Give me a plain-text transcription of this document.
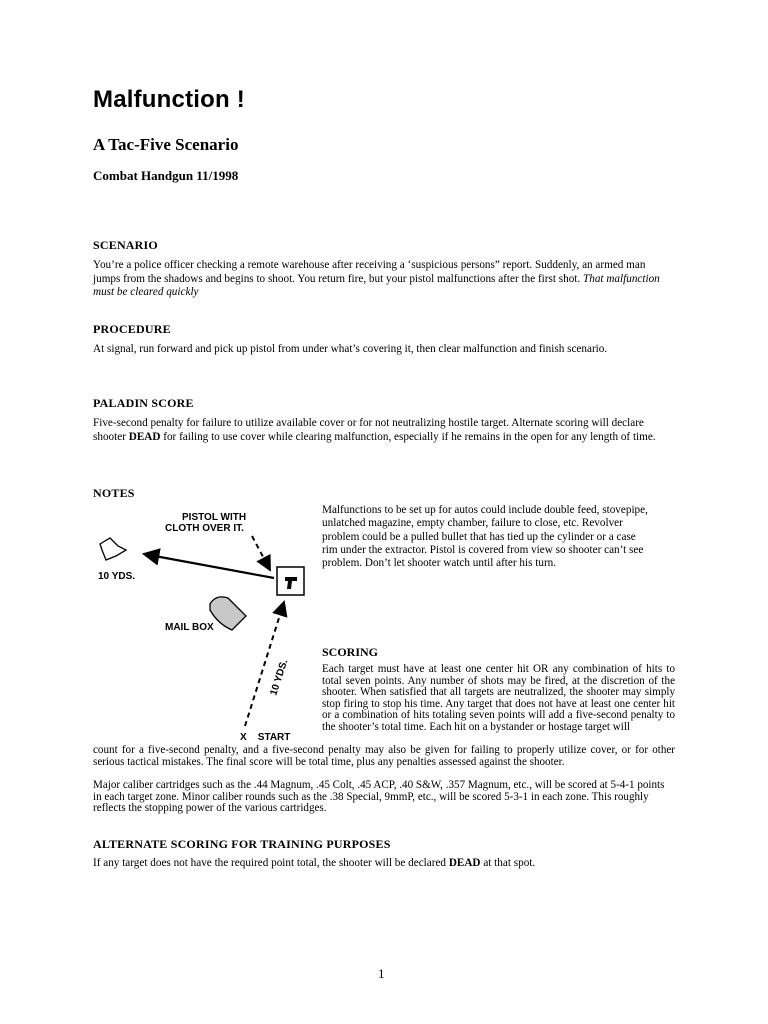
Malfunction !
A Tac-Five Scenario

Combat Handgun 11/1998

SCENARIO

You’re a police officer checking a remote warehouse after receiving a ‘suspicious persons” report. Suddenly, an armed man jumps from the shadows and begins to shoot. You return fire, but your pistol malfunctions after the first shot. That malfunction must be cleared quickly

PROCEDURE

At signal, run forward and pick up pistol from under what’s covering it, then clear malfunction and finish scenario.

PALADIN SCORE

Five-second penalty for failure to utilize available cover or for not neutralizing hostile target. Alternate scoring will declare shooter DEAD for failing to use cover while clearing malfunction, especially if he remains in the open for any length of time.

NOTES
PISTOL WITH
CLOTH OVER IT.
10 YDS.
MAIL BOX
10 YDS.
X    START

Malfunctions to be set up for autos could include double feed, stovepipe, unlatched magazine, empty chamber, failure to close, etc. Revolver problem could be a pulled bullet that has tied up the cylinder or a case rim under the extractor. Pistol is covered from view so shooter can’t see problem. Don’t let shooter watch until after his turn.

SCORING

Each target must have at least one center hit OR any combination of hits to total seven points. Any number of shots may be fired, at the discretion of the shooter. When satisfied that all targets are neutralized, the shooter may simply stop firing to stop his time. Any target that does not have at least one center hit or a combination of hits totaling seven points will add a five-second penalty to the shooter’s total time. Each hit on a bystander or hostage target will

count for a five-second penalty, and a five-second penalty may also be given for failing to properly utilize cover, or for other serious tactical mistakes. The final score will be total time, plus any penalties assessed against the shooter.

Major caliber cartridges such as the .44 Magnum, .45 Colt, .45 ACP, .40 S&W, .357 Magnum, etc., will be scored at 5-4-1 points in each target zone. Minor caliber rounds such as the .38 Special, 9mmP, etc., will be scored 5-3-1 in each zone. This roughly reflects the stopping power of the various cartridges.

ALTERNATE SCORING FOR TRAINING PURPOSES

If any target does not have the required point total, the shooter will be declared DEAD at that spot.

1
